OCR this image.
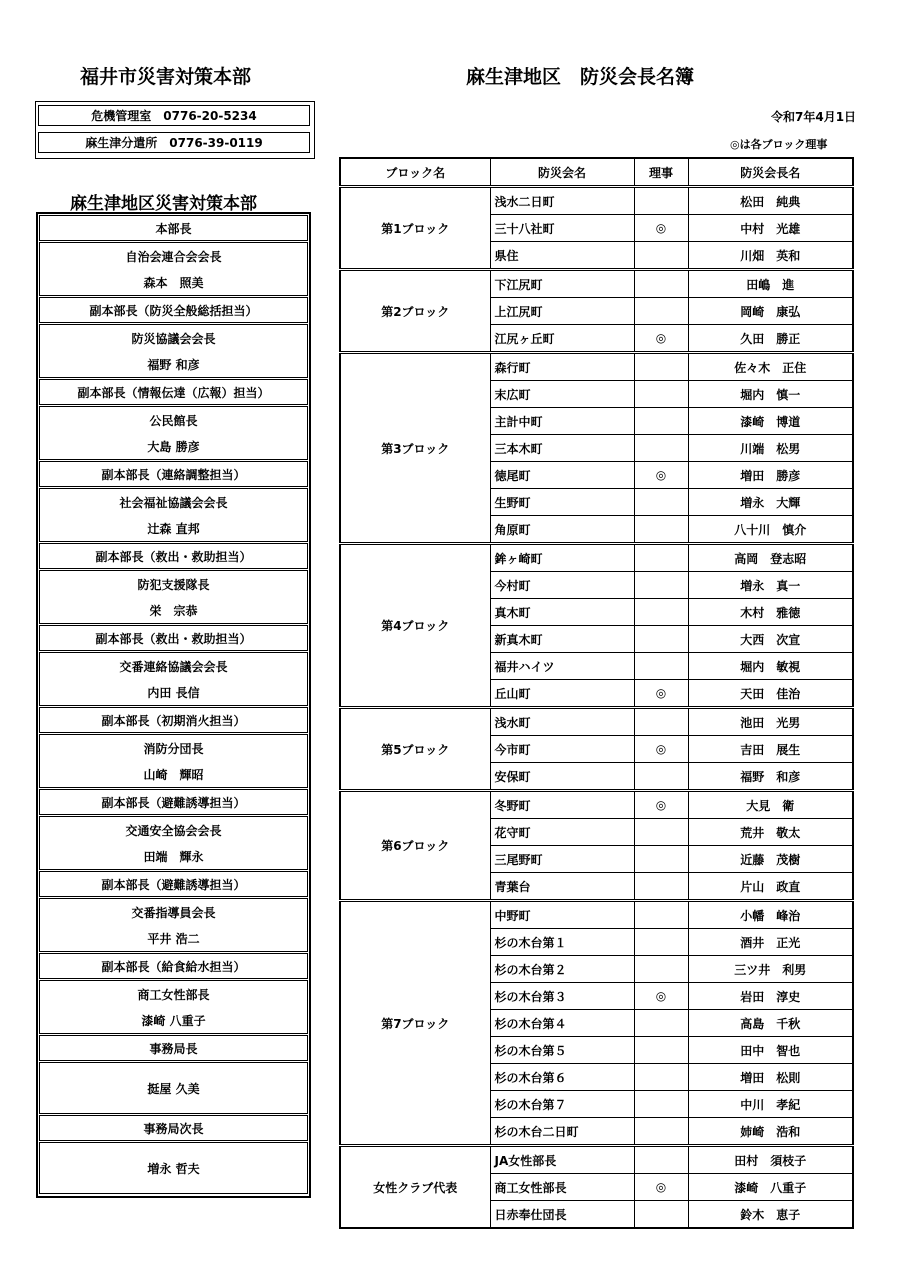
福井市災害対策本部	麻生津地区　防災会長名簿
令和7年4月1日
◎は各ブロック理事
危機管理室　0776-20-5234
麻生津分遣所　0776-39-0119
麻生津地区災害対策本部
本部長
自治会連合会会長
森本　照美
副本部長（防災全般総括担当）
防災協議会会長
福野 和彦
副本部長（情報伝達（広報）担当）
公民館長
大島 勝彦
副本部長（連絡調整担当）
社会福祉協議会会長
辻森 直邦
副本部長（救出・救助担当）
防犯支援隊長
栄　宗恭
副本部長（救出・救助担当）
交番連絡協議会会長
内田 長信
副本部長（初期消火担当）
消防分団長
山崎　輝昭
副本部長（避難誘導担当）
交通安全協会会長
田端　輝永
副本部長（避難誘導担当）
交番指導員会長
平井 浩二
副本部長（給食給水担当）
商工女性部長
漆崎 八重子
事務局長
挺屋 久美
事務局次長
増永 哲夫
ブロック名	防災会名	理事	防災会長名
第1ブロック	浅水二日町		松田　純典
	三十八社町	◎	中村　光雄
	県住		川畑　英和
第2ブロック	下江尻町		田嶋　進
	上江尻町		岡崎　康弘
	江尻ヶ丘町	◎	久田　勝正
第3ブロック	森行町		佐々木　正住
	末広町		堀内　慎一
	主計中町		漆崎　博道
	三本木町		川端　松男
	徳尾町	◎	増田　勝彦
	生野町		増永　大輝
	角原町		八十川　慎介
第4ブロック	鉾ヶ崎町		高岡　登志昭
	今村町		増永　真一
	真木町		木村　雅徳
	新真木町		大西　次宣
	福井ハイツ		堀内　敏視
	丘山町	◎	天田　佳治
第5ブロック	浅水町		池田　光男
	今市町	◎	吉田　展生
	安保町		福野　和彦
第6ブロック	冬野町	◎	大見　衛
	花守町		荒井　敬太
	三尾野町		近藤　茂樹
	青葉台		片山　政直
第7ブロック	中野町		小幡　峰治
	杉の木台第１		酒井　正光
	杉の木台第２		三ツ井　利男
	杉の木台第３	◎	岩田　淳史
	杉の木台第４		高島　千秋
	杉の木台第５		田中　智也
	杉の木台第６		増田　松則
	杉の木台第７		中川　孝紀
	杉の木台二日町		姉崎　浩和
女性クラブ代表	JA女性部長		田村　須枝子
	商工女性部長	◎	漆崎　八重子
	日赤奉仕団長		鈴木　恵子
